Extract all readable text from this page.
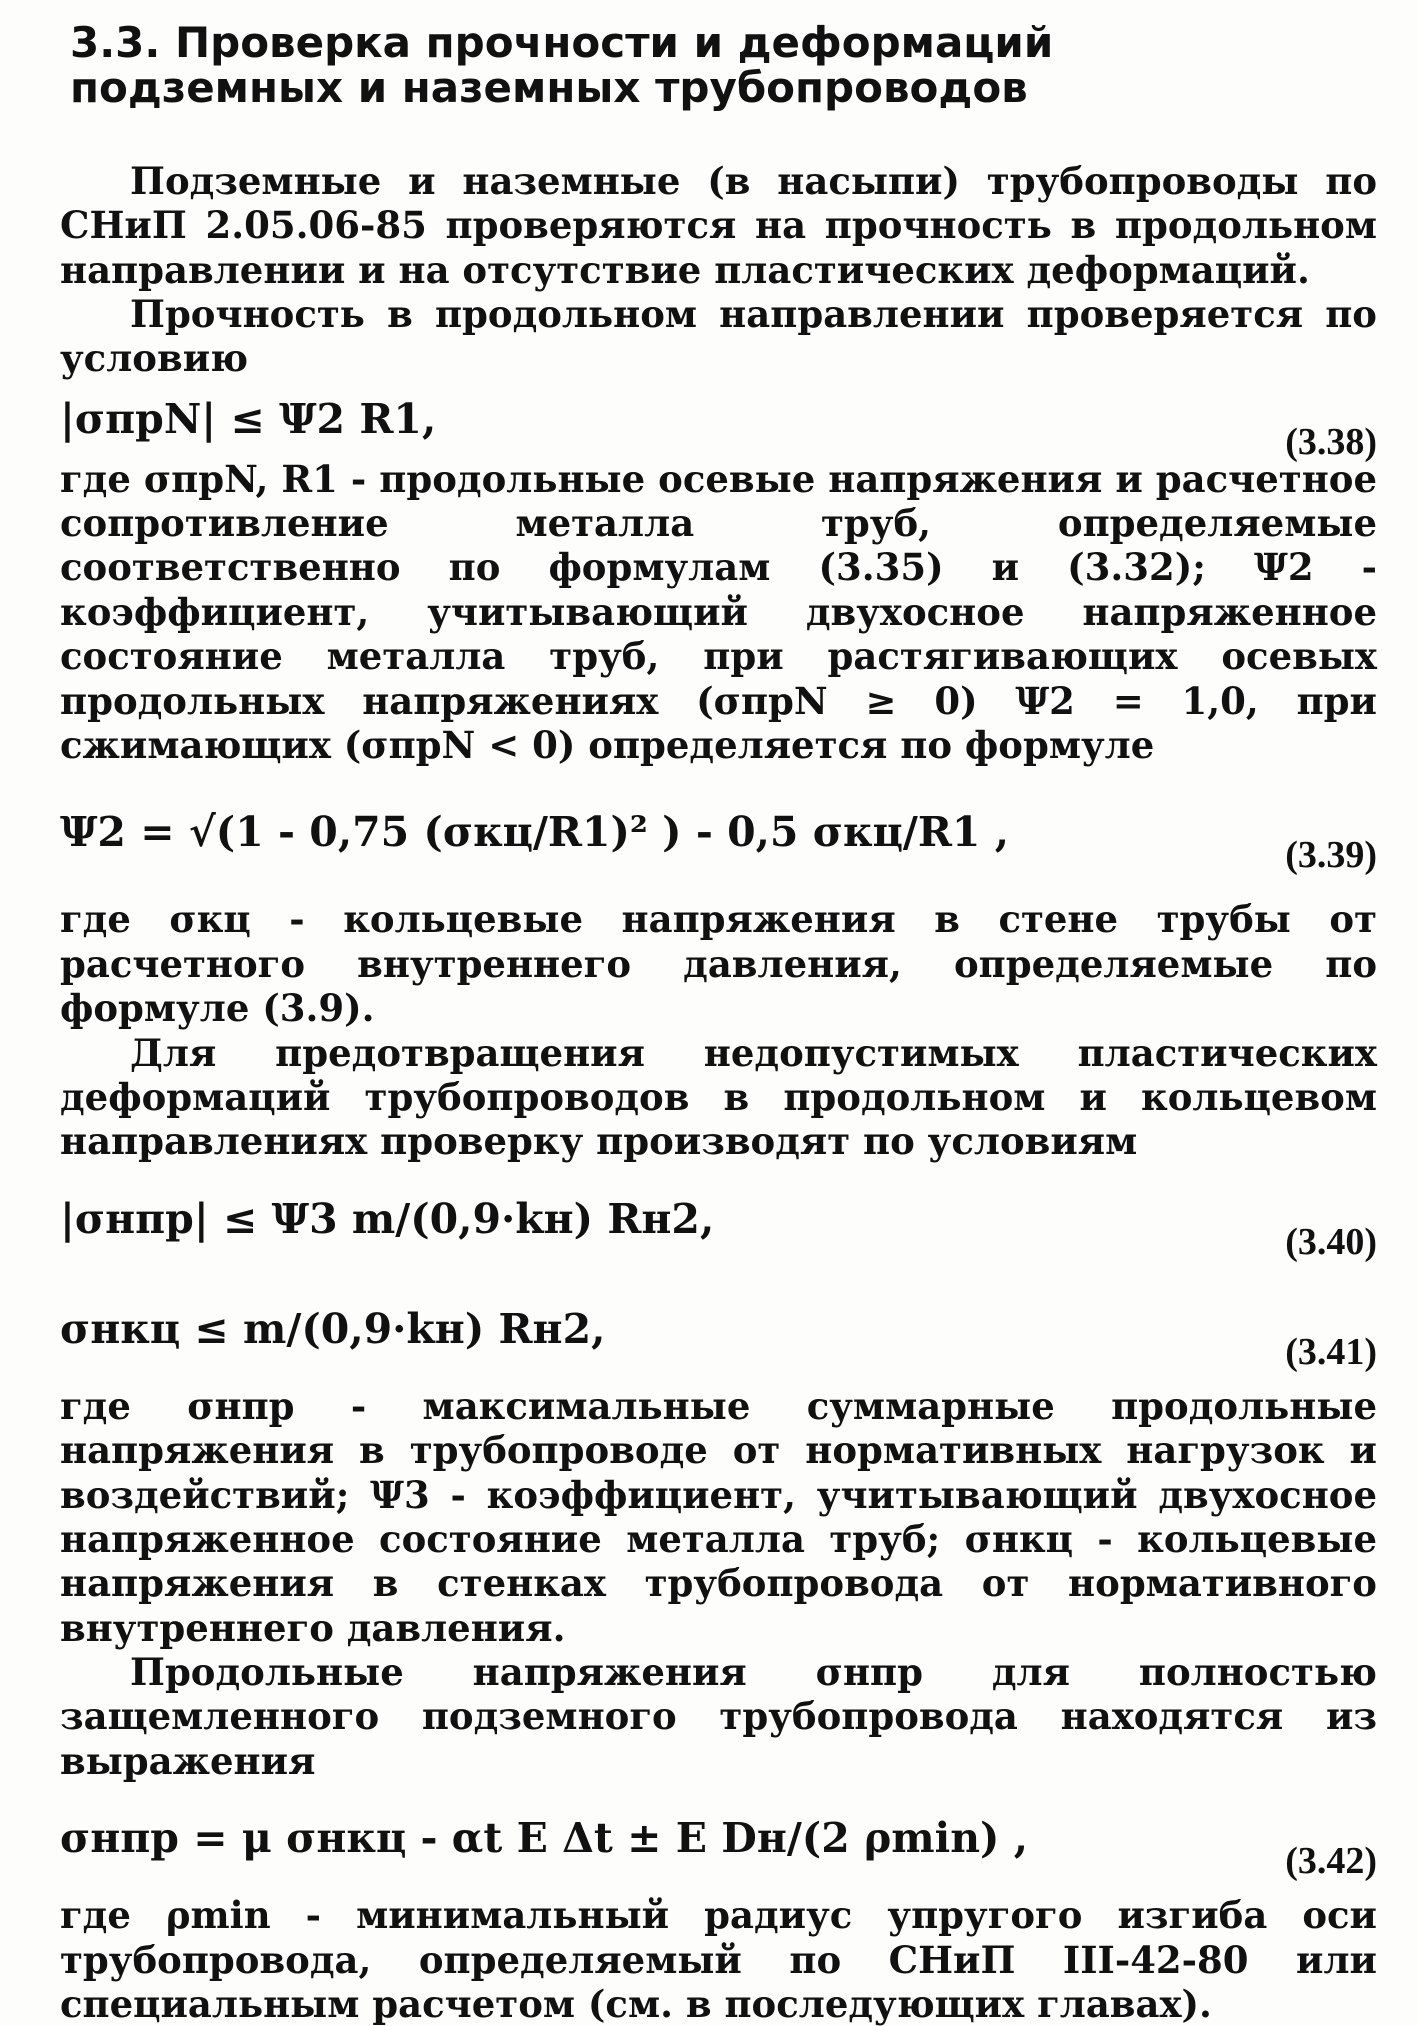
3.3. Проверка прочности и деформаций подземных и наземных трубопроводов

Подземные и наземные (в насыпи) трубопроводы по СНиП 2.05.06-85 проверяются на прочность в продольном направлении и на отсутствие пластических деформаций.

Прочность в продольном направлении проверяется по условию

|σпрN| ≤ Ψ2 R1,	(3.38)

где σпрN, R1 - продольные осевые напряжения и расчетное сопротивление металла труб, определяемые соответственно по формулам (3.35) и (3.32); Ψ2 - коэффициент, учитывающий двухосное напряженное состояние металла труб, при растягивающих осевых продольных напряжениях (σпрN ≥ 0) Ψ2 = 1,0, при сжимающих (σпрN < 0) определяется по формуле

Ψ2 = √(1 - 0,75 (σкц/R1)² ) - 0,5 σкц/R1 ,	(3.39)

где σкц - кольцевые напряжения в стене трубы от расчетного внутреннего давления, определяемые по формуле (3.9).

Для предотвращения недопустимых пластических деформаций трубопроводов в продольном и кольцевом направлениях проверку производят по условиям

|σнпр| ≤ Ψ3 m/(0,9·kн) Rн2,	(3.40)
σнкц ≤ m/(0,9·kн) Rн2,	(3.41)

где σнпр - максимальные суммарные продольные напряжения в трубопроводе от нормативных нагрузок и воздействий; Ψ3 - коэффициент, учитывающий двухосное напряженное состояние металла труб; σнкц - кольцевые напряжения в стенках трубопровода от нормативного внутреннего давления.

Продольные напряжения σнпр для полностью защемленного подземного трубопровода находятся из выражения

σнпр = μ σнкц - αt E Δt ± E Dн/(2 ρmin) ,	(3.42)

где ρmin - минимальный радиус упругого изгиба оси трубопровода, определяемый по СНиП III-42-80 или специальным расчетом (см. в последующих главах).
